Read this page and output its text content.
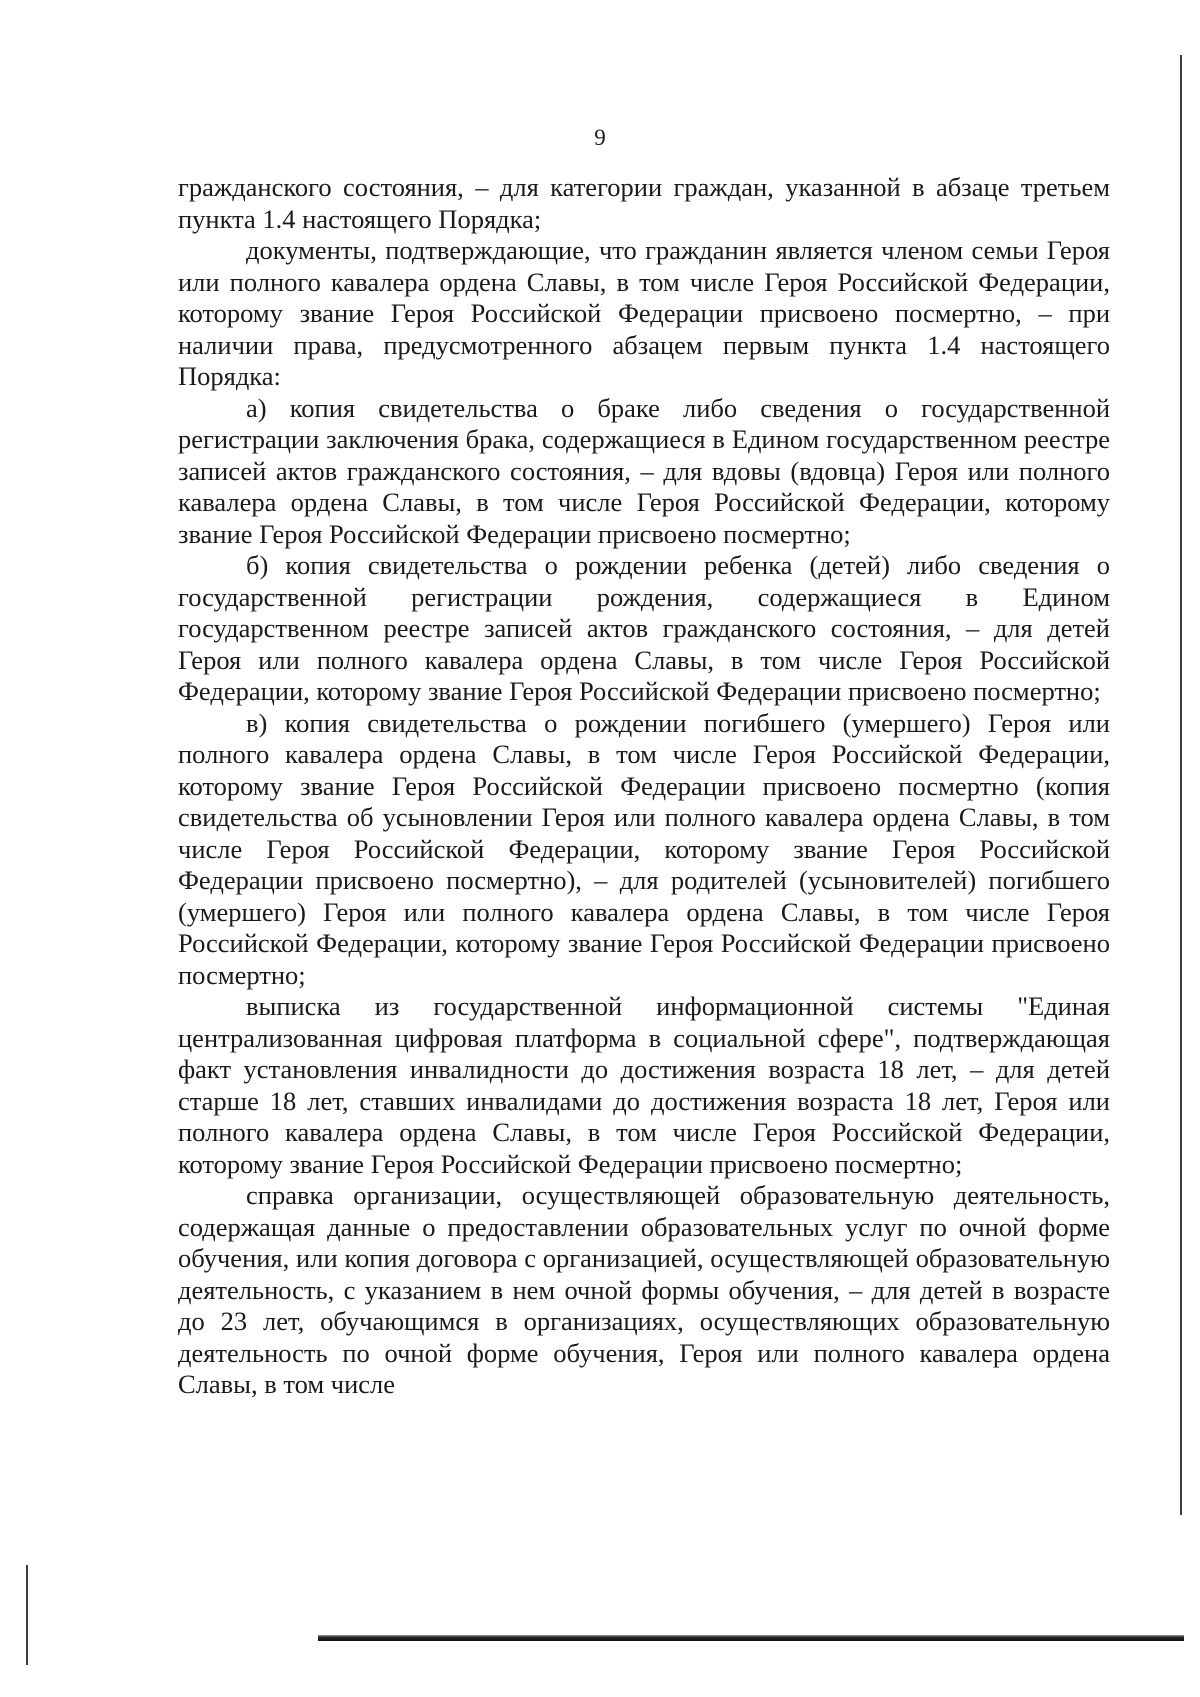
9

гражданского состояния, – для категории граждан, указанной в абзаце третьем пункта 1.4 настоящего Порядка;

документы, подтверждающие, что гражданин является членом семьи Героя или полного кавалера ордена Славы, в том числе Героя Российской Федерации, которому звание Героя Российской Федерации присвоено посмертно, – при наличии права, предусмотренного абзацем первым пункта 1.4 настоящего Порядка:

а) копия свидетельства о браке либо сведения о государственной регистрации заключения брака, содержащиеся в Едином государственном реестре записей актов гражданского состояния, – для вдовы (вдовца) Героя или полного кавалера ордена Славы, в том числе Героя Российской Федерации, которому звание Героя Российской Федерации присвоено посмертно;

б) копия свидетельства о рождении ребенка (детей) либо сведения о государственной регистрации рождения, содержащиеся в Едином государственном реестре записей актов гражданского состояния, – для детей Героя или полного кавалера ордена Славы, в том числе Героя Российской Федерации, которому звание Героя Российской Федерации присвоено посмертно;

в) копия свидетельства о рождении погибшего (умершего) Героя или полного кавалера ордена Славы, в том числе Героя Российской Федерации, которому звание Героя Российской Федерации присвоено посмертно (копия свидетельства об усыновлении Героя или полного кавалера ордена Славы, в том числе Героя Российской Федерации, которому звание Героя Российской Федерации присвоено посмертно), – для родителей (усыновителей) погибшего (умершего) Героя или полного кавалера ордена Славы, в том числе Героя Российской Федерации, которому звание Героя Российской Федерации присвоено посмертно;

выписка из государственной информационной системы "Единая централизованная цифровая платформа в социальной сфере", подтверждающая факт установления инвалидности до достижения возраста 18 лет, – для детей старше 18 лет, ставших инвалидами до достижения возраста 18 лет, Героя или полного кавалера ордена Славы, в том числе Героя Российской Федерации, которому звание Героя Российской Федерации присвоено посмертно;

справка организации, осуществляющей образовательную деятельность, содержащая данные о предоставлении образовательных услуг по очной форме обучения, или копия договора с организацией, осуществляющей образовательную деятельность, с указанием в нем очной формы обучения, – для детей в возрасте до 23 лет, обучающимся в организациях, осуществляющих образовательную деятельность по очной форме обучения, Героя или полного кавалера ордена Славы, в том числе
